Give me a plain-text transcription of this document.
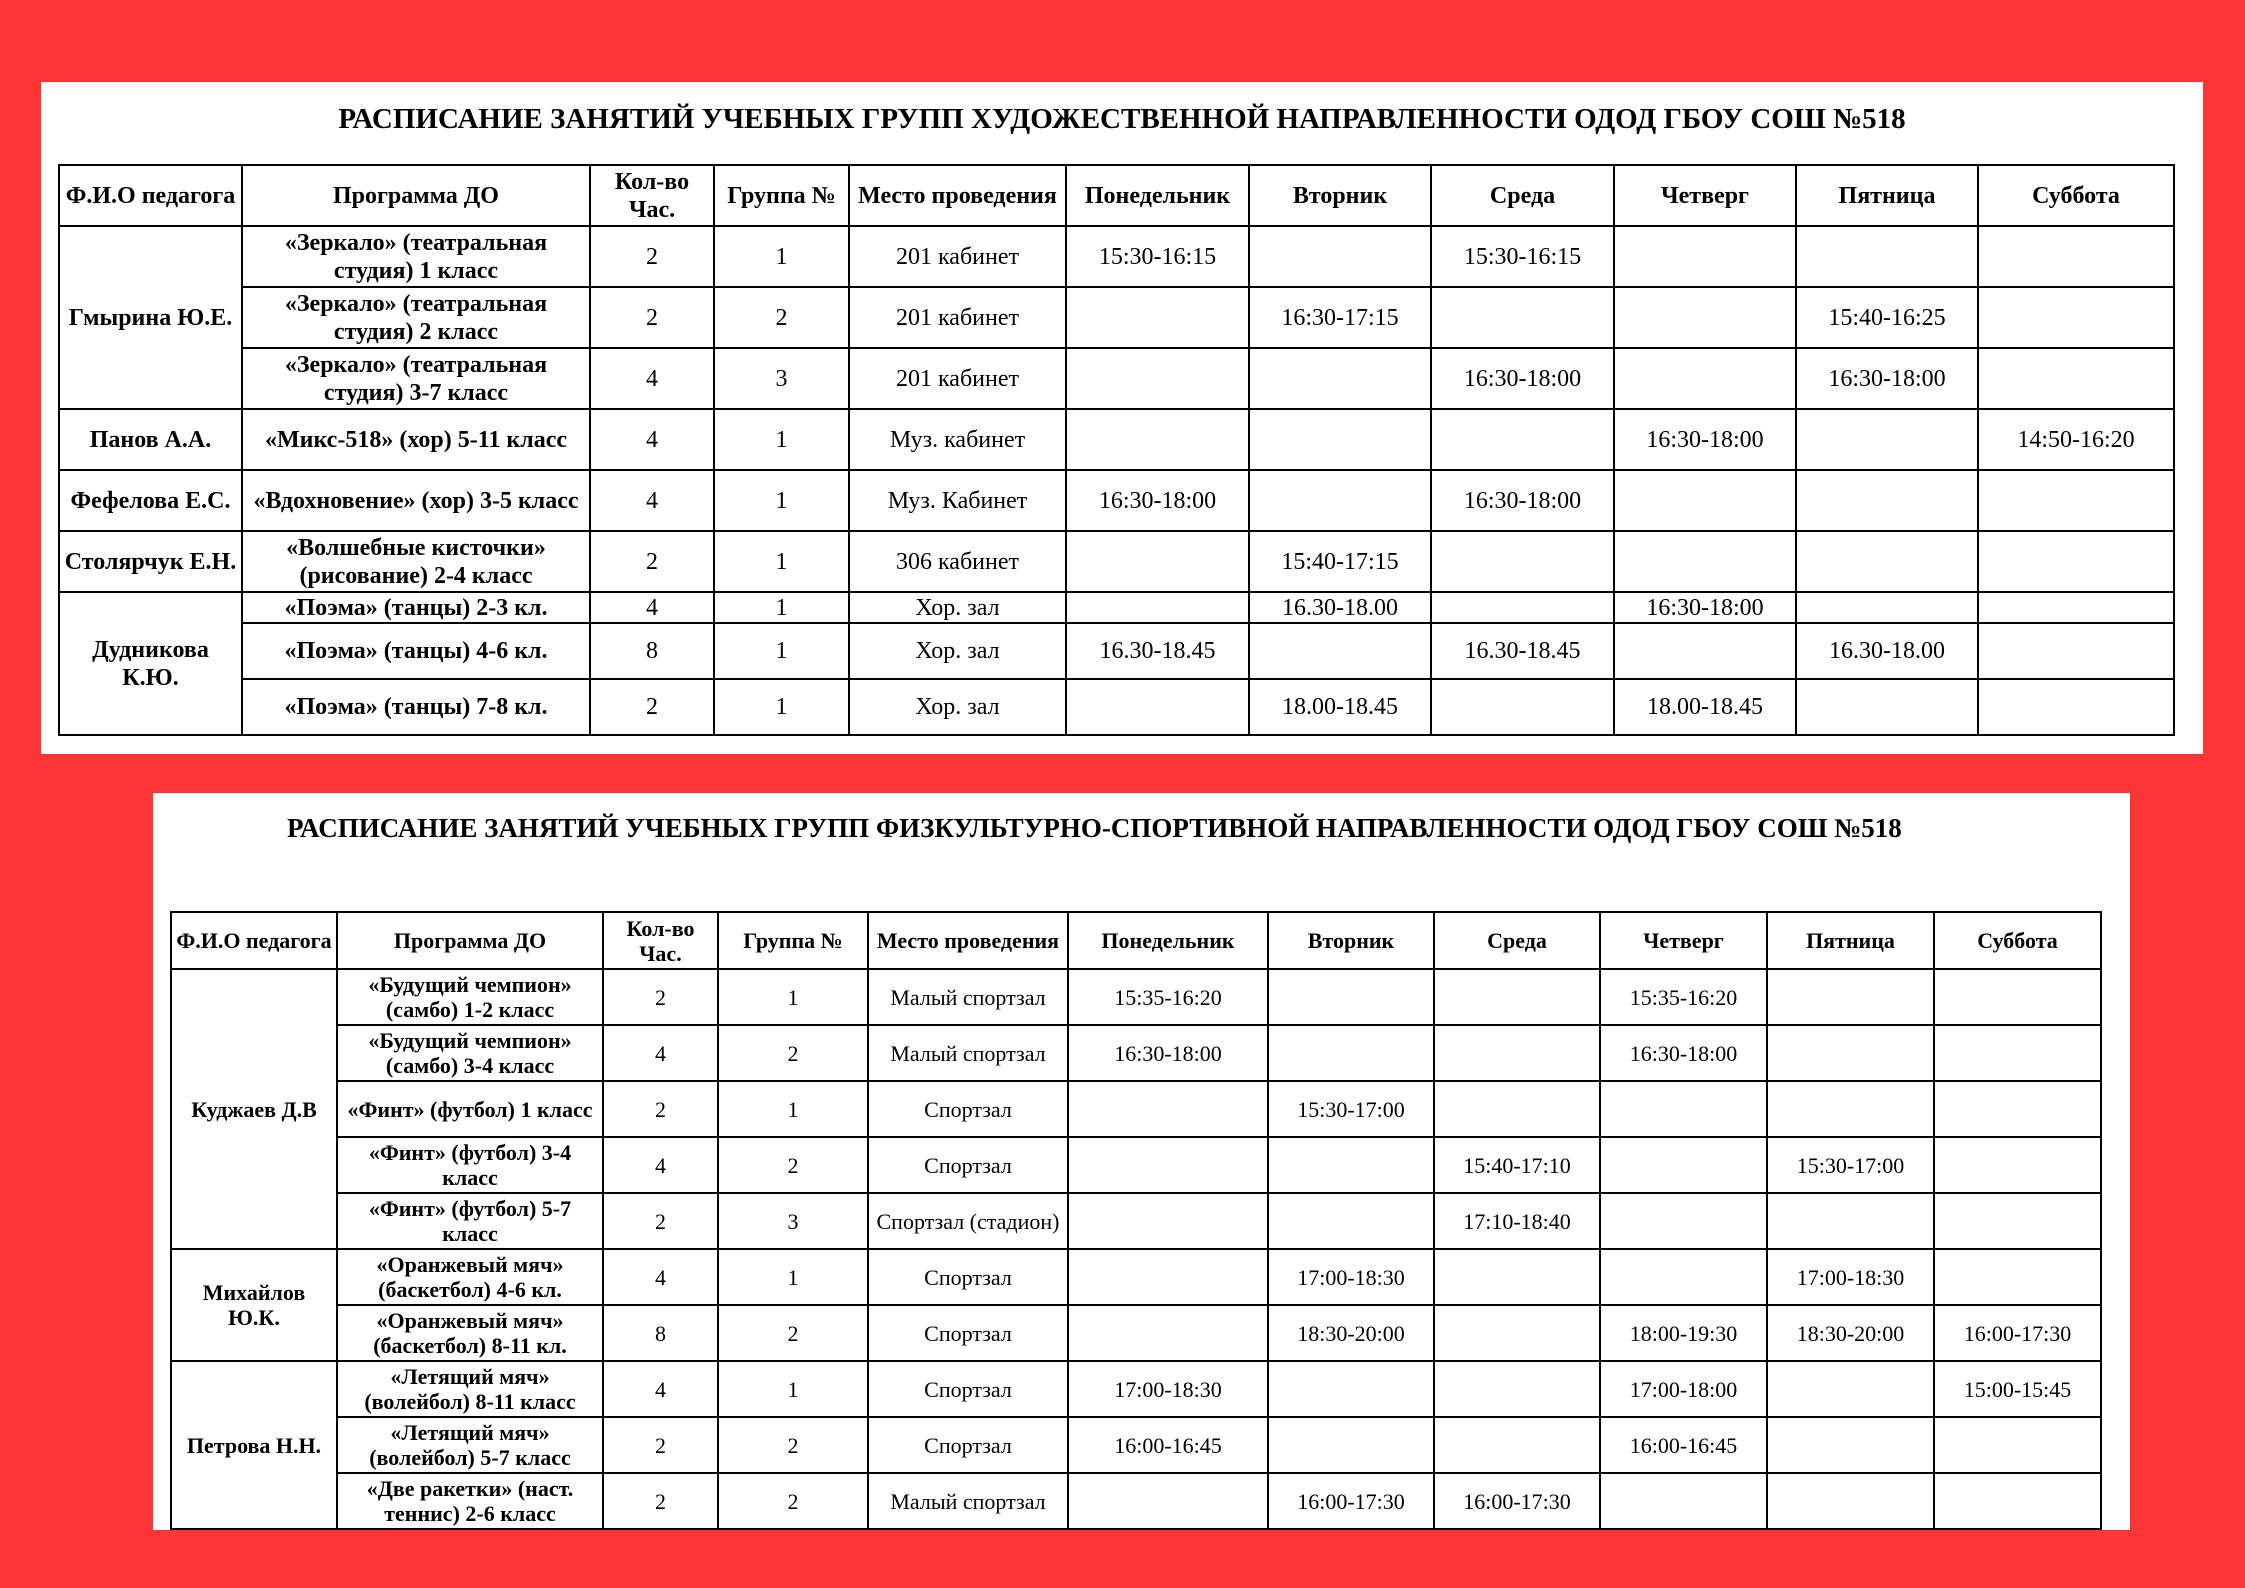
РАСПИСАНИЕ ЗАНЯТИЙ УЧЕБНЫХ ГРУПП ХУДОЖЕСТВЕННОЙ НАПРАВЛЕННОСТИ ОДОД ГБОУ СОШ №518
Ф.И.О педагога	Программа ДО	Кол-во Час.	Группа №	Место проведения	Понедельник	Вторник	Среда	Четверг	Пятница	Суббота
Гмырина Ю.Е.	«Зеркало» (театральная студия) 1 класс	2	1	201 кабинет	15:30-16:15		15:30-16:15			
	«Зеркало» (театральная студия) 2 класс	2	2	201 кабинет		16:30-17:15			15:40-16:25	
	«Зеркало» (театральная студия) 3-7 класс	4	3	201 кабинет			16:30-18:00		16:30-18:00	
Панов А.А.	«Микс-518» (хор) 5-11 класс	4	1	Муз. кабинет				16:30-18:00		14:50-16:20
Фефелова Е.С.	«Вдохновение» (хор) 3-5 класс	4	1	Муз. Кабинет	16:30-18:00		16:30-18:00			
Столярчук Е.Н.	«Волшебные кисточки» (рисование) 2-4 класс	2	1	306 кабинет		15:40-17:15				
Дудникова К.Ю.	«Поэма» (танцы) 2-3 кл.	4	1	Хор. зал		16.30-18.00		16:30-18:00		
	«Поэма» (танцы) 4-6 кл.	8	1	Хор. зал	16.30-18.45		16.30-18.45		16.30-18.00	
	«Поэма» (танцы) 7-8 кл.	2	1	Хор. зал		18.00-18.45		18.00-18.45		
РАСПИСАНИЕ ЗАНЯТИЙ УЧЕБНЫХ ГРУПП ФИЗКУЛЬТУРНО-СПОРТИВНОЙ НАПРАВЛЕННОСТИ ОДОД ГБОУ СОШ №518
Ф.И.О педагога	Программа ДО	Кол-во Час.	Группа №	Место проведения	Понедельник	Вторник	Среда	Четверг	Пятница	Суббота
Куджаев Д.В	«Будущий чемпион» (самбо) 1-2 класс	2	1	Малый спортзал	15:35-16:20			15:35-16:20		
	«Будущий чемпион» (самбо) 3-4 класс	4	2	Малый спортзал	16:30-18:00			16:30-18:00		
	«Финт» (футбол) 1 класс	2	1	Спортзал		15:30-17:00				
	«Финт» (футбол) 3-4 класс	4	2	Спортзал			15:40-17:10		15:30-17:00	
	«Финт» (футбол) 5-7 класс	2	3	Спортзал (стадион)			17:10-18:40			
Михайлов Ю.К.	«Оранжевый мяч» (баскетбол) 4-6 кл.	4	1	Спортзал		17:00-18:30			17:00-18:30	
	«Оранжевый мяч» (баскетбол) 8-11 кл.	8	2	Спортзал		18:30-20:00		18:00-19:30	18:30-20:00	16:00-17:30
Петрова Н.Н.	«Летящий мяч» (волейбол) 8-11 класс	4	1	Спортзал	17:00-18:30			17:00-18:00		15:00-15:45
	«Летящий мяч» (волейбол) 5-7 класс	2	2	Спортзал	16:00-16:45			16:00-16:45		
	«Две ракетки» (наст. теннис) 2-6 класс	2	2	Малый спортзал		16:00-17:30	16:00-17:30			
